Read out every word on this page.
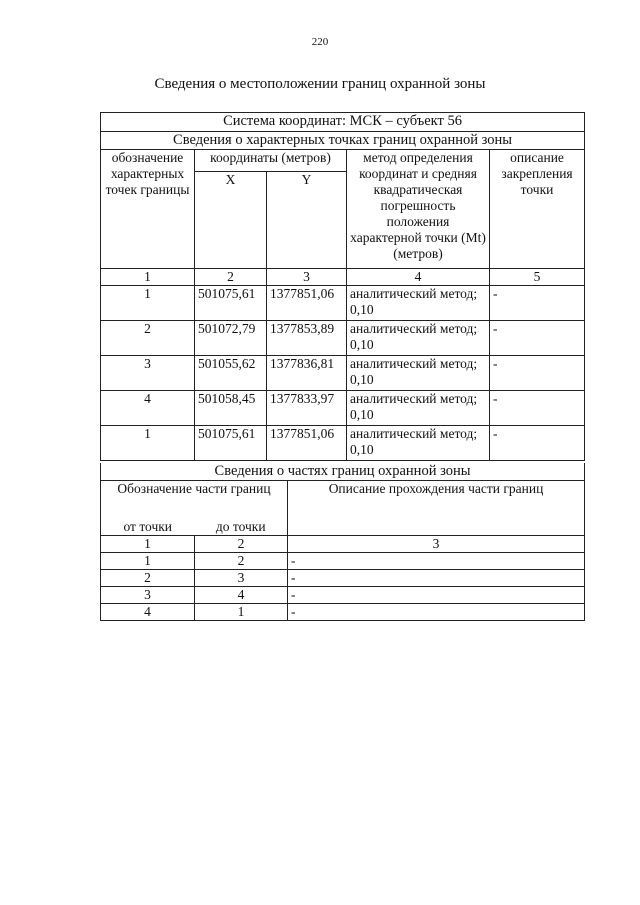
220
Сведения о местоположении границ охранной зоны
Система координат: МСК – субъект 56				
Сведения о характерных точках границ охранной зоны				
обозначение характерных точек границы	координаты (метров)		метод определения координат и средняя квадратическая погрешность положения характерной точки (Mt) (метров)	описание закрепления точки
	X	Y		
1	2	3	4	5
1	501075,61	1377851,06	аналитический метод; 0,10	-
2	501072,79	1377853,89	аналитический метод; 0,10	-
3	501055,62	1377836,81	аналитический метод; 0,10	-
4	501058,45	1377833,97	аналитический метод; 0,10	-
1	501075,61	1377851,06	аналитический метод; 0,10	-
Сведения о частях границ охранной зоны		
Обозначение части границ		Описание прохождения части границ
от точки	до точки	
1	2	3
1	2	-
2	3	-
3	4	-
4	1	-
